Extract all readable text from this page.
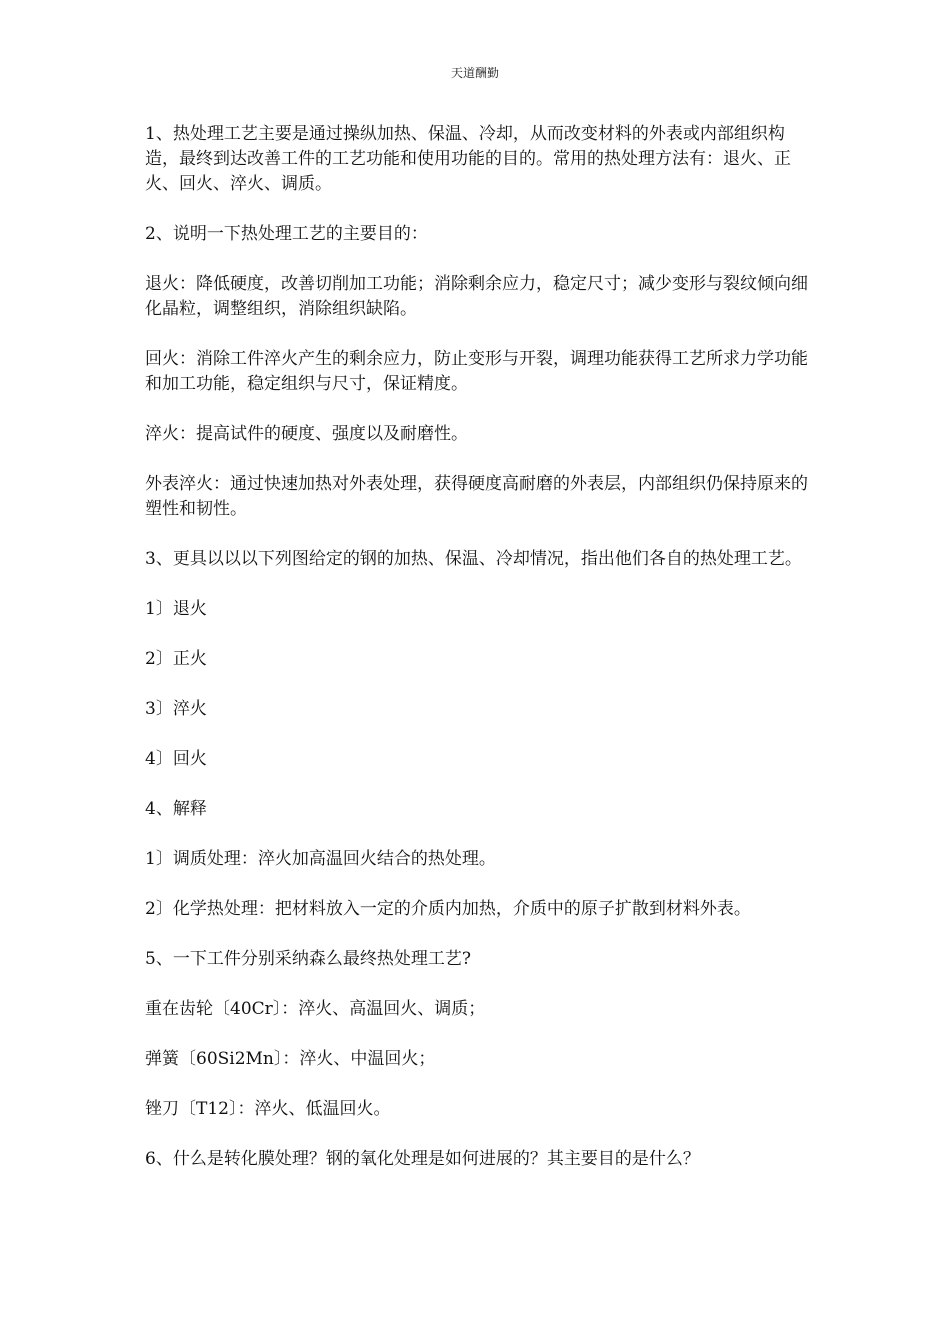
天道酬勤

1、热处理工艺主要是通过操纵加热、保温、冷却，从而改变材料的外表或内部组织构造，最终到达改善工件的工艺功能和使用功能的目的。常用的热处理方法有：退火、正火、回火、淬火、调质。

2、说明一下热处理工艺的主要目的：

退火：降低硬度，改善切削加工功能；消除剩余应力，稳定尺寸；减少变形与裂纹倾向细化晶粒，调整组织，消除组织缺陷。

回火：消除工件淬火产生的剩余应力，防止变形与开裂，调理功能获得工艺所求力学功能和加工功能，稳定组织与尺寸，保证精度。

淬火：提高试件的硬度、强度以及耐磨性。

外表淬火：通过快速加热对外表处理，获得硬度高耐磨的外表层，内部组织仍保持原来的塑性和韧性。

3、更具以以以下列图给定的钢的加热、保温、冷却情况，指出他们各自的热处理工艺。

1〕退火

2〕正火

3〕淬火

4〕回火

4、解释

1〕调质处理：淬火加高温回火结合的热处理。

2〕化学热处理：把材料放入一定的介质内加热，介质中的原子扩散到材料外表。

5、一下工件分别采纳森么最终热处理工艺?

重在齿轮〔40Cr〕：淬火、高温回火、调质；

弹簧〔60Si2Mn〕：淬火、中温回火；

锉刀〔T12〕：淬火、低温回火。

6、什么是转化膜处理？钢的氧化处理是如何进展的？其主要目的是什么？
